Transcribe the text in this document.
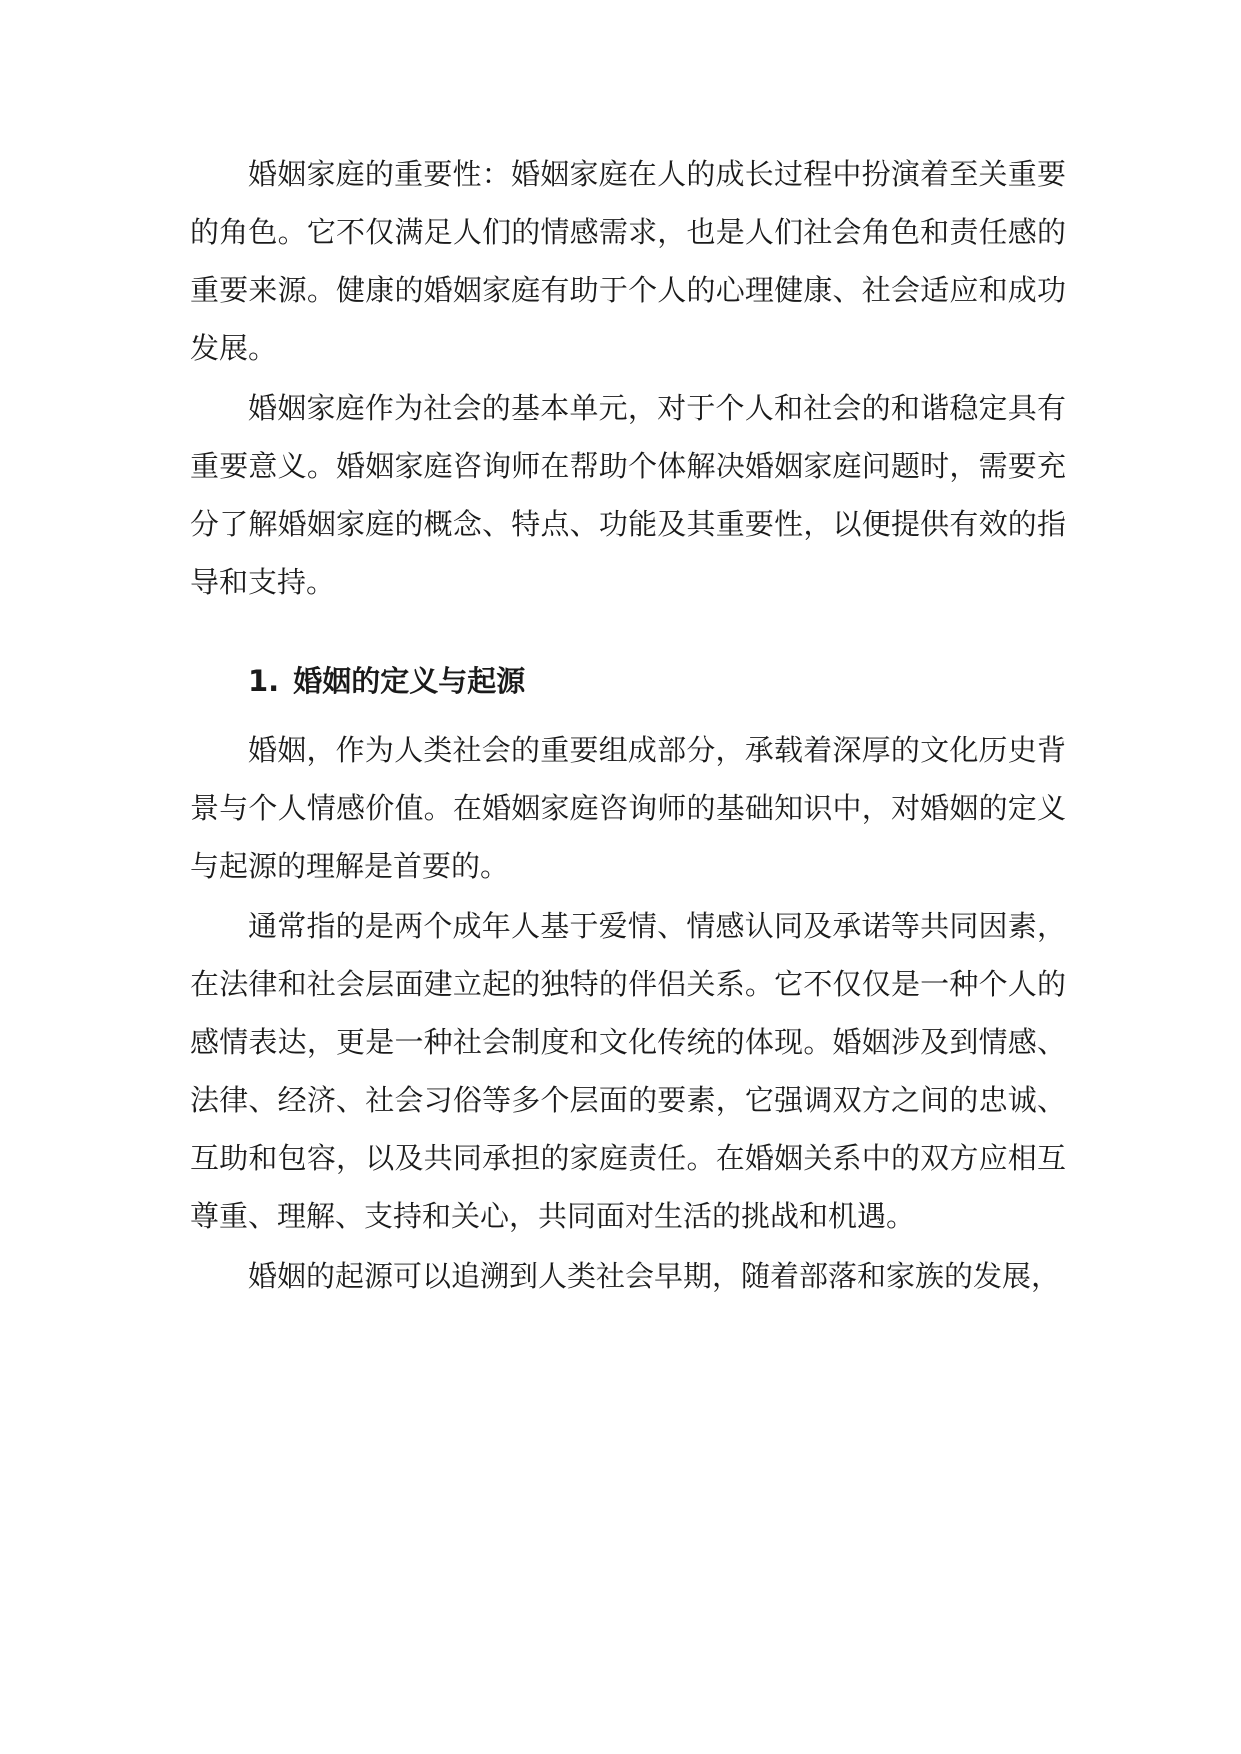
婚姻家庭的重要性：婚姻家庭在人的成长过程中扮演着至关重要的角色。它不仅满足人们的情感需求，也是人们社会角色和责任感的重要来源。健康的婚姻家庭有助于个人的心理健康、社会适应和成功发展。

婚姻家庭作为社会的基本单元，对于个人和社会的和谐稳定具有重要意义。婚姻家庭咨询师在帮助个体解决婚姻家庭问题时，需要充分了解婚姻家庭的概念、特点、功能及其重要性，以便提供有效的指导和支持。

1. 婚姻的定义与起源

婚姻，作为人类社会的重要组成部分，承载着深厚的文化历史背景与个人情感价值。在婚姻家庭咨询师的基础知识中，对婚姻的定义与起源的理解是首要的。

通常指的是两个成年人基于爱情、情感认同及承诺等共同因素，在法律和社会层面建立起的独特的伴侣关系。它不仅仅是一种个人的感情表达，更是一种社会制度和文化传统的体现。婚姻涉及到情感、法律、经济、社会习俗等多个层面的要素，它强调双方之间的忠诚、互助和包容，以及共同承担的家庭责任。在婚姻关系中的双方应相互尊重、理解、支持和关心，共同面对生活的挑战和机遇。

婚姻的起源可以追溯到人类社会早期，随着部落和家族的发展，
